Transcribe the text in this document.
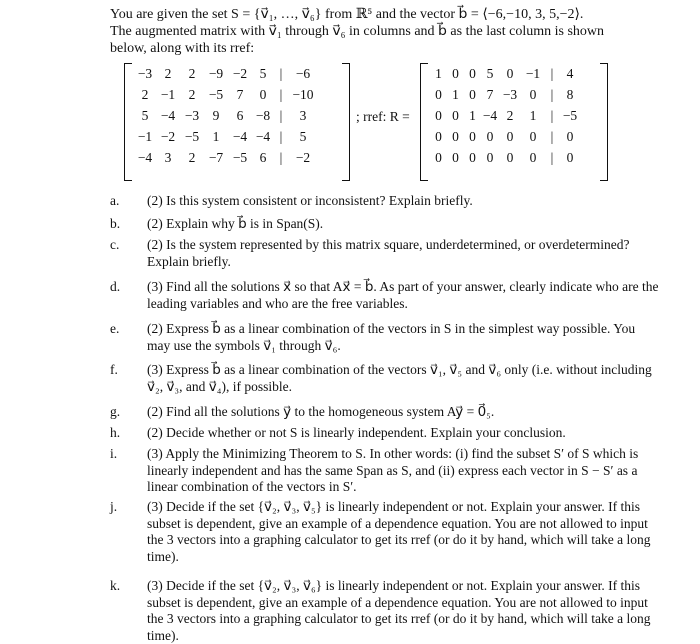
You are given the set S = {v⃗₁, …, v⃗₆} from ℝ⁵ and the vector b⃗ = ⟨−6,−10, 3, 5,−2⟩.
The augmented matrix with v⃗₁ through v⃗₆ in columns and b⃗ as the last column is shown
below, along with its rref:
−3	2	2	−9	−2	5	|	−6
2	−1	2	−5	7	0	|	−10
5	−4	−3	9	6	−8	|	3
−1	−2	−5	1	−4	−4	|	5
−4	3	2	−7	−5	6	|	−2
; rref: R =
1	0	0	5	0	−1	|	4
0	1	0	7	−3	0	|	8
0	0	1	−4	2	1	|	−5
0	0	0	0	0	0	|	0
0	0	0	0	0	0	|	0
a. (2) Is this system consistent or inconsistent? Explain briefly.
b. (2) Explain why b⃗ is in Span(S).
c. (2) Is the system represented by this matrix square, underdetermined, or overdetermined? Explain briefly.
d. (3) Find all the solutions x⃗ so that Ax⃗ = b⃗. As part of your answer, clearly indicate who are the leading variables and who are the free variables.
e. (2) Express b⃗ as a linear combination of the vectors in S in the simplest way possible. You may use the symbols v⃗₁ through v⃗₆.
f. (3) Express b⃗ as a linear combination of the vectors v⃗₁, v⃗₅ and v⃗₆ only (i.e. without including v⃗₂, v⃗₃, and v⃗₄), if possible.
g. (2) Find all the solutions y⃗ to the homogeneous system Ay⃗ = 0⃗₅.
h. (2) Decide whether or not S is linearly independent. Explain your conclusion.
i. (3) Apply the Minimizing Theorem to S. In other words: (i) find the subset S′ of S which is linearly independent and has the same Span as S, and (ii) express each vector in S − S′ as a linear combination of the vectors in S′.
j. (3) Decide if the set {v⃗₂, v⃗₃, v⃗₅} is linearly independent or not. Explain your answer. If this subset is dependent, give an example of a dependence equation. You are not allowed to input the 3 vectors into a graphing calculator to get its rref (or do it by hand, which will take a long time).
k. (3) Decide if the set {v⃗₂, v⃗₃, v⃗₆} is linearly independent or not. Explain your answer. If this subset is dependent, give an example of a dependence equation. You are not allowed to input the 3 vectors into a graphing calculator to get its rref (or do it by hand, which will take a long time).
